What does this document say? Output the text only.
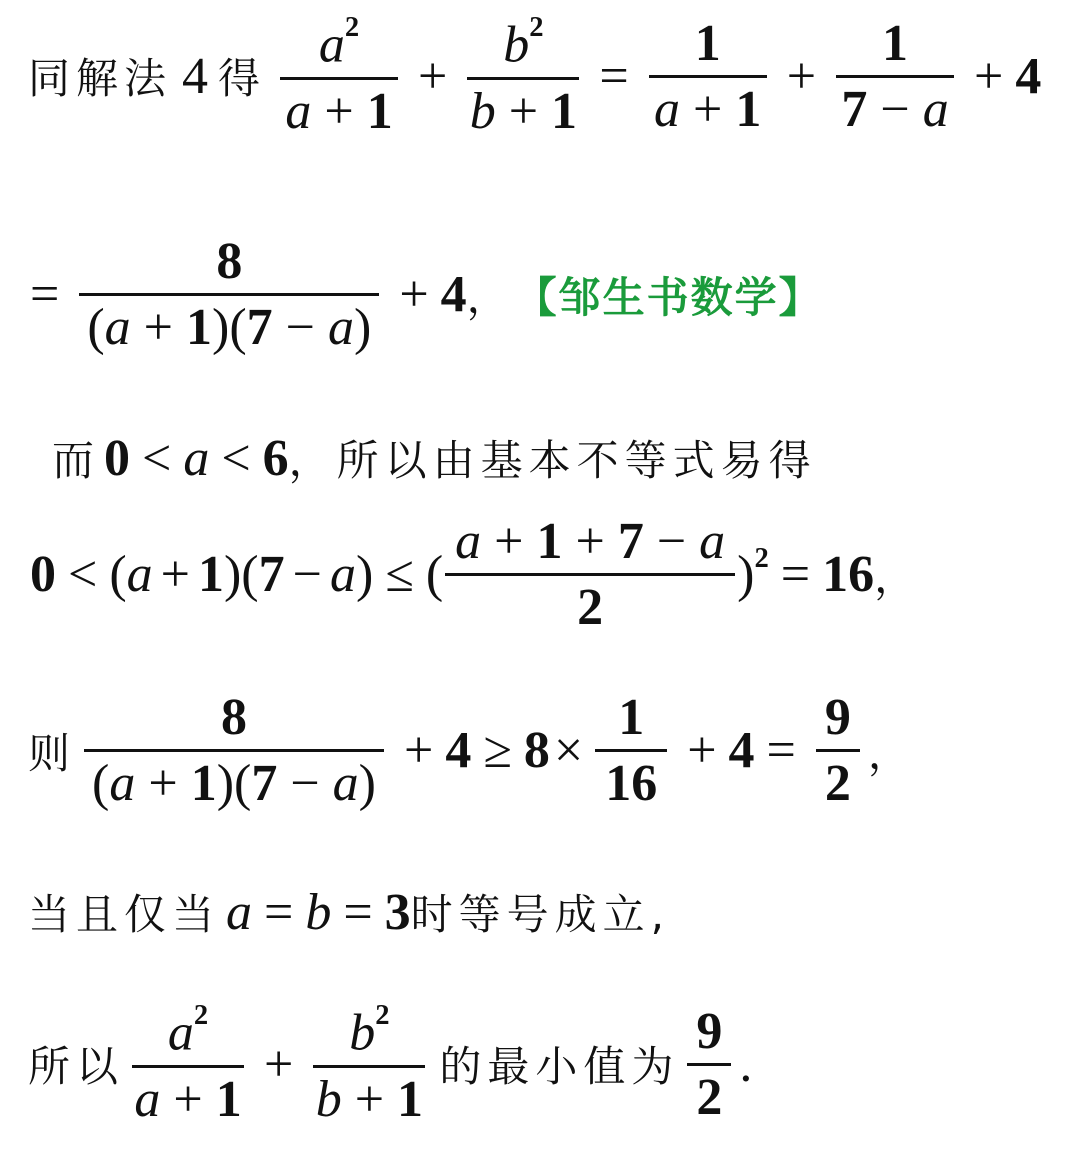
同解法 4 得 $\frac{a^2}{a + 1} + \frac{b^2}{b + 1} = \frac{1}{a + 1} + \frac{1}{7 - a} + 4$
= $\frac{8}{(a + 1)(7 - a)} + 4$ ， 【邹生书数学】
而 0 < a < 6 ，所以由基本不等式易得
0 < ( a + 1 )( 7 − a ) ≤ ( $\frac{a + 1 + 7 - a}{2}$ ) $^2$ = 16 ，
则 $\frac{8}{(a + 1)(7 - a)} + 4 \ge 8 \times \frac{1}{16} + 4 = \frac{9}{2}$ ，
当且仅当 a = b = 3 时等号成立,
所以 $\frac{a^2}{a + 1} + \frac{b^2}{b + 1}$ 的最小值为 $\frac{9}{2}$ .
